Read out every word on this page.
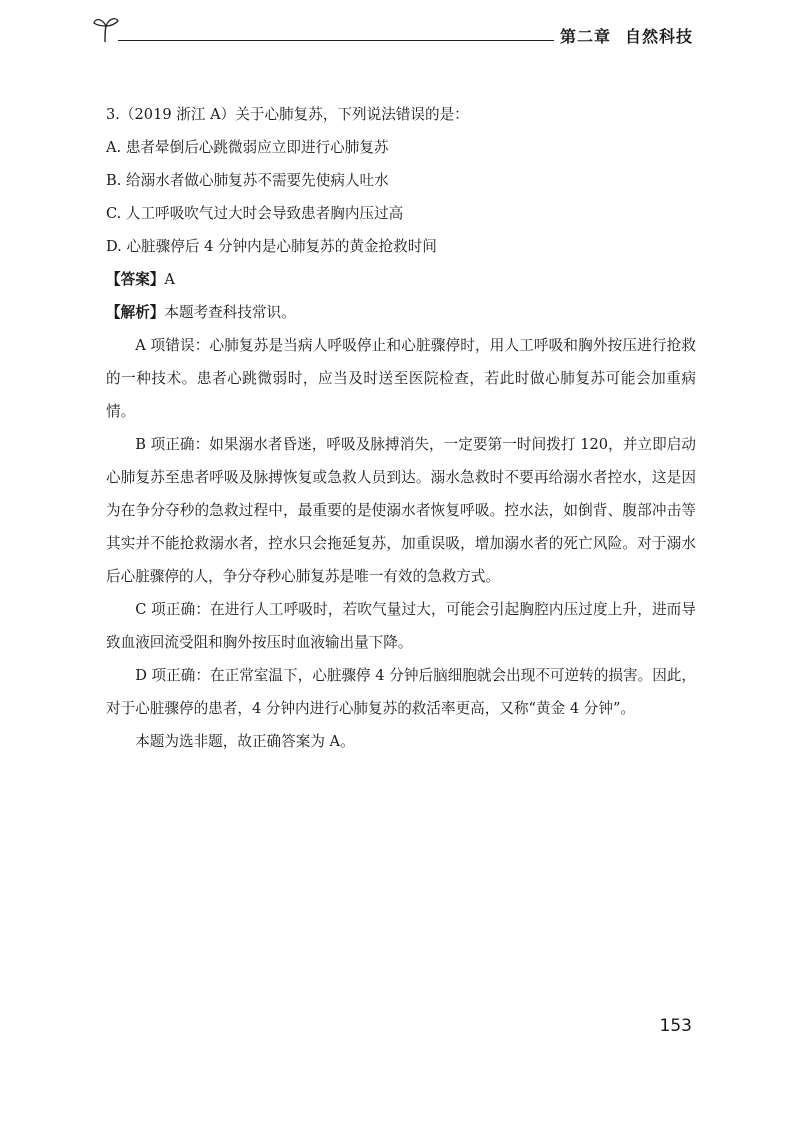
第二章 自然科技
3.（2019 浙江 A）关于心肺复苏，下列说法错误的是：
A. 患者晕倒后心跳微弱应立即进行心肺复苏
B. 给溺水者做心肺复苏不需要先使病人吐水
C. 人工呼吸吹气过大时会导致患者胸内压过高
D. 心脏骤停后 4 分钟内是心肺复苏的黄金抢救时间
【答案】A
【解析】本题考查科技常识。
A 项错误：心肺复苏是当病人呼吸停止和心脏骤停时，用人工呼吸和胸外按压进行抢救的一种技术。患者心跳微弱时，应当及时送至医院检查，若此时做心肺复苏可能会加重病情。
B 项正确：如果溺水者昏迷，呼吸及脉搏消失，一定要第一时间拨打 120，并立即启动心肺复苏至患者呼吸及脉搏恢复或急救人员到达。溺水急救时不要再给溺水者控水，这是因为在争分夺秒的急救过程中，最重要的是使溺水者恢复呼吸。控水法，如倒背、腹部冲击等其实并不能抢救溺水者，控水只会拖延复苏，加重误吸，增加溺水者的死亡风险。对于溺水后心脏骤停的人，争分夺秒心肺复苏是唯一有效的急救方式。
C 项正确：在进行人工呼吸时，若吹气量过大，可能会引起胸腔内压过度上升，进而导致血液回流受阻和胸外按压时血液输出量下降。
D 项正确：在正常室温下，心脏骤停 4 分钟后脑细胞就会出现不可逆转的损害。因此，对于心脏骤停的患者，4 分钟内进行心肺复苏的救活率更高，又称“黄金 4 分钟”。
本题为选非题，故正确答案为 A。
153
